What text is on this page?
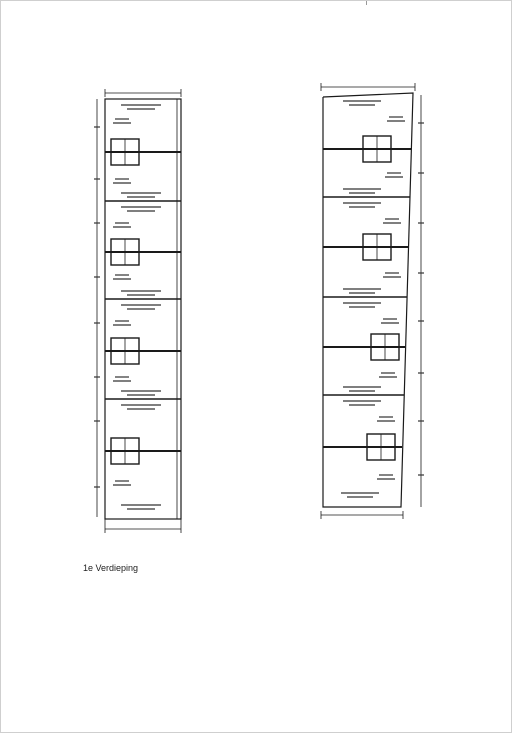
1e Verdieping
